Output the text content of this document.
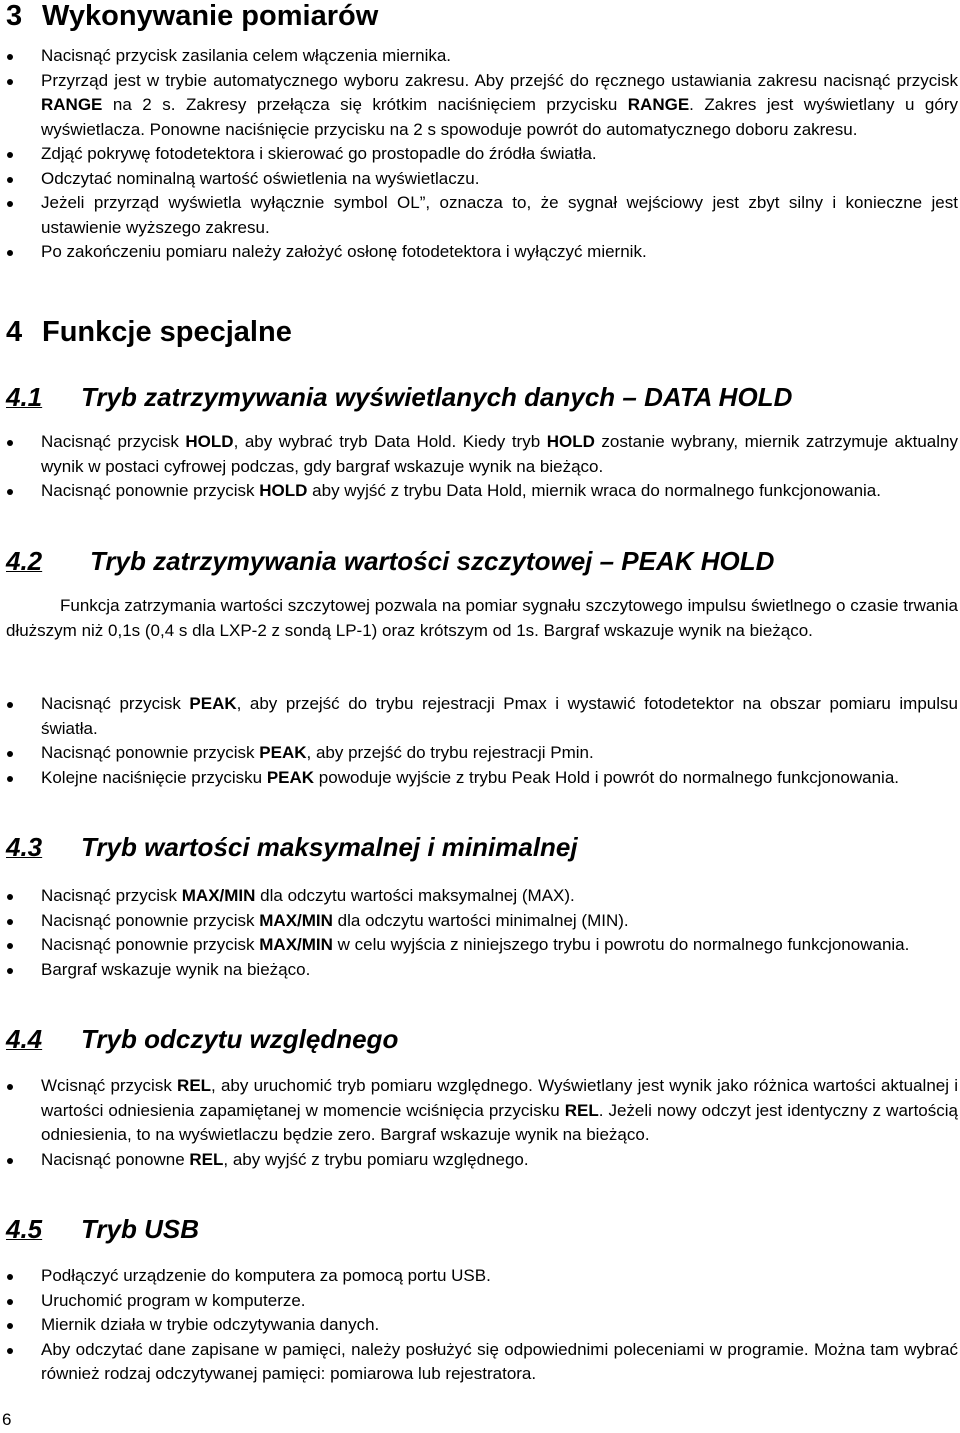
3 Wykonywanie pomiarów
Nacisnąć przycisk zasilania celem włączenia miernika.
Przyrząd jest w trybie automatycznego wyboru zakresu. Aby przejść do ręcznego ustawiania zakresu nacisnąć przycisk RANGE na 2 s. Zakresy przełącza się krótkim naciśnięciem przycisku RANGE. Zakres jest wyświetlany u góry wyświetlacza. Ponowne naciśnięcie przycisku na 2 s spowoduje powrót do automatycznego doboru zakresu.
Zdjąć pokrywę fotodetektora i skierować go prostopadle do źródła światła.
Odczytać nominalną wartość oświetlenia na wyświetlaczu.
Jeżeli przyrząd wyświetla wyłącznie symbol OL”, oznacza to, że sygnał wejściowy jest zbyt silny i konieczne jest ustawienie wyższego zakresu.
Po zakończeniu pomiaru należy założyć osłonę fotodetektora i wyłączyć miernik.
4 Funkcje specjalne
4.1 Tryb zatrzymywania wyświetlanych danych – DATA HOLD
Nacisnąć przycisk HOLD, aby wybrać tryb Data Hold. Kiedy tryb HOLD zostanie wybrany, miernik zatrzymuje aktualny wynik w postaci cyfrowej podczas, gdy bargraf wskazuje wynik na bieżąco.
Nacisnąć ponownie przycisk HOLD aby wyjść z trybu Data Hold, miernik wraca do normalnego funkcjonowania.
4.2 Tryb zatrzymywania wartości szczytowej – PEAK HOLD

Funkcja zatrzymania wartości szczytowej pozwala na pomiar sygnału szczytowego impulsu świetlnego o czasie trwania dłuższym niż 0,1s (0,4 s dla LXP-2 z sondą LP-1) oraz krótszym od 1s. Bargraf wskazuje wynik na bieżąco.

Nacisnąć przycisk PEAK, aby przejść do trybu rejestracji Pmax i wystawić fotodetektor na obszar pomiaru impulsu światła.
Nacisnąć ponownie przycisk PEAK, aby przejść do trybu rejestracji Pmin.
Kolejne naciśnięcie przycisku PEAK powoduje wyjście z trybu Peak Hold i powrót do normalnego funkcjonowania.
4.3 Tryb wartości maksymalnej i minimalnej
Nacisnąć przycisk MAX/MIN dla odczytu wartości maksymalnej (MAX).
Nacisnąć ponownie przycisk MAX/MIN dla odczytu wartości minimalnej (MIN).
Nacisnąć ponownie przycisk MAX/MIN w celu wyjścia z niniejszego trybu i powrotu do normalnego funkcjonowania.
Bargraf wskazuje wynik na bieżąco.
4.4 Tryb odczytu względnego
Wcisnąć przycisk REL, aby uruchomić tryb pomiaru względnego. Wyświetlany jest wynik jako różnica wartości aktualnej i wartości odniesienia zapamiętanej w momencie wciśnięcia przycisku REL. Jeżeli nowy odczyt jest identyczny z wartością odniesienia, to na wyświetlaczu będzie zero. Bargraf wskazuje wynik na bieżąco.
Nacisnąć ponowne REL, aby wyjść z trybu pomiaru względnego.
4.5 Tryb USB
Podłączyć urządzenie do komputera za pomocą portu USB.
Uruchomić program w komputerze.
Miernik działa w trybie odczytywania danych.
Aby odczytać dane zapisane w pamięci, należy posłużyć się odpowiednimi poleceniami w programie. Można tam wybrać również rodzaj odczytywanej pamięci: pomiarowa lub rejestratora.
6
